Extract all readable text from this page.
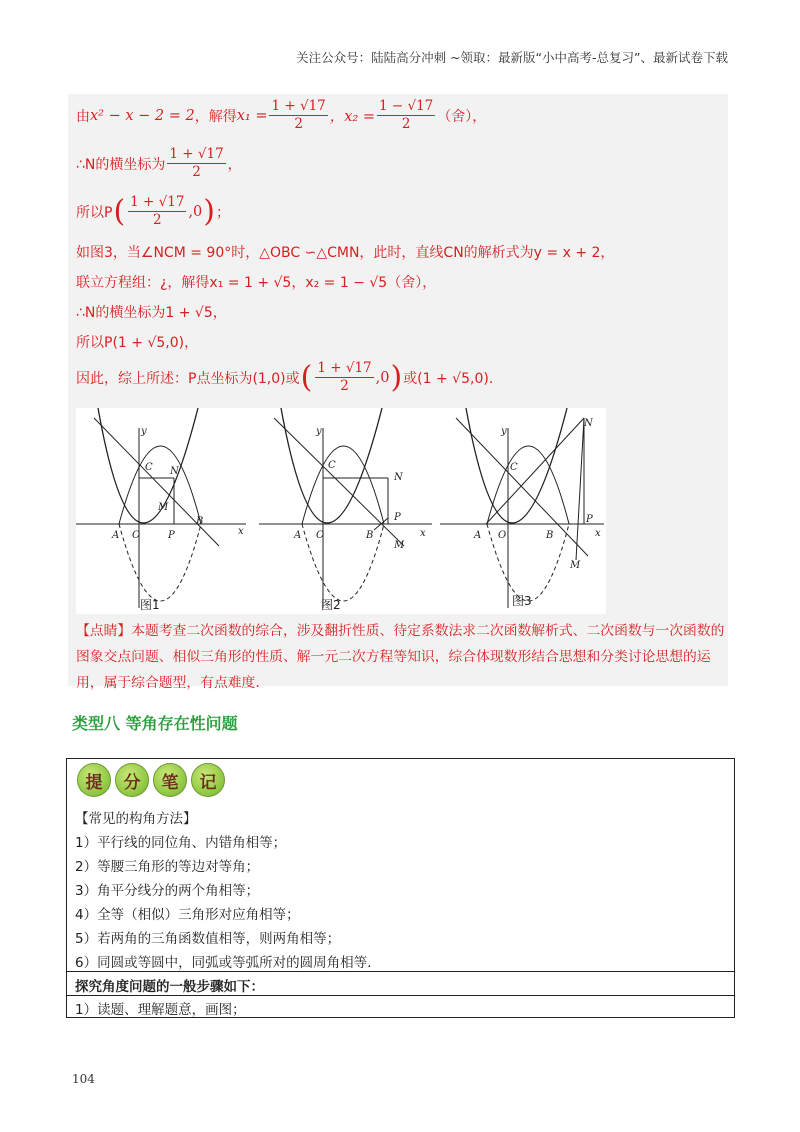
关注公众号：陆陆高分冲刺 ~领取：最新版“小中高考-总复习”、最新试卷下载
由 x² − x − 2 = 2 ，解得 $x_1 = \frac{1 + √17}{2}$ ，$x_2 = \frac{1 - √17}{2}$ （舍），
∴N的横坐标为 $\frac{1 + √17}{2}$ ，
所以P ( $\frac{1 + √17}{2} ,0$ ) ；
如图3，当∠NCM = 90°时，△OBC ∽△CMN，此时，直线CN的解析式为y = x + 2，
联立方程组：¿，解得x₁ = 1 + √5，x₂ = 1 − √5（舍），
∴N的横坐标为1 + √5，
所以P(1 + √5,0)，
因此，综上所述：P点坐标为(1,0)或 ( $\frac{1 + √17}{2} ,0$ ) 或(1 + √5,0).
y
x
C N
M
A O	P
B
图1
y
x
C
N
P
A O	B
M
图2
y
x
C
N
P
A O	B
M
图3
【点睛】本题考查二次函数的综合，涉及翻折性质、待定系数法求二次函数解析式、二次函数与一次函数的图象交点问题、相似三角形的性质、解一元二次方程等知识，综合体现数形结合思想和分类讨论思想的运用，属于综合题型，有点难度.
类型八 等角存在性问题
提	分	笔	记
【常见的构角方法】
1）平行线的同位角、内错角相等；
2）等腰三角形的等边对等角；
3）角平分线分的两个角相等；
4）全等（相似）三角形对应角相等；
5）若两角的三角函数值相等，则两角相等；
6）同圆或等圆中，同弧或等弧所对的圆周角相等.
探究角度问题的一般步骤如下：
1）读题、理解题意，画图；
104
